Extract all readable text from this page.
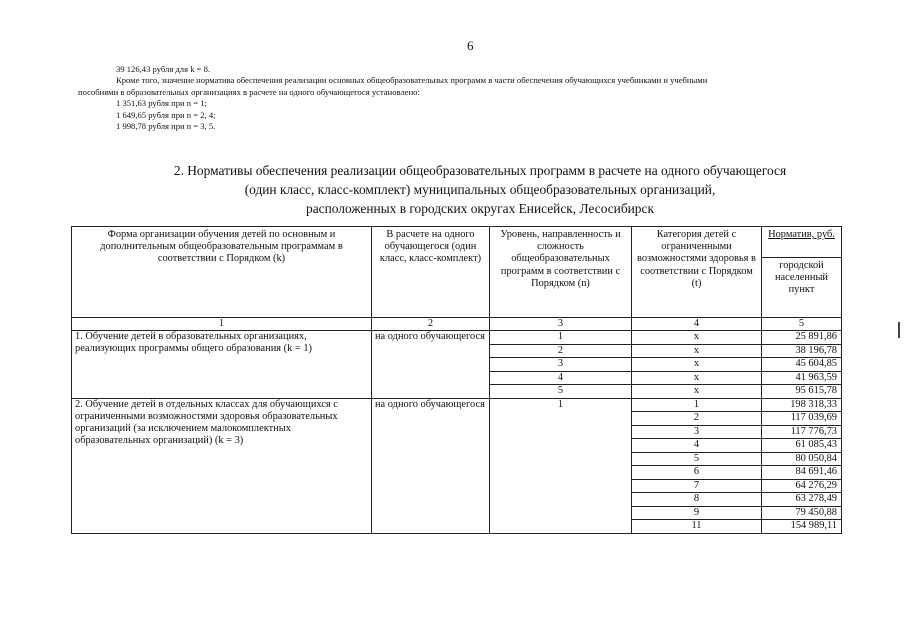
6
39 126,43 рубля для k = 8.
Кроме того, значение норматива обеспечения реализации основных общеобразовательных программ в части обеспечения обучающихся учебниками и учебными
пособиями в образовательных организациях в расчете на одного обучающегося установлено:
1 351,63 рубля при n = 1;
1 649,65 рубля при n = 2, 4;
1 998,78 рубля при n = 3, 5.
2. Нормативы обеспечения реализации общеобразовательных программ в расчете на одного обучающегося
(один класс, класс-комплект) муниципальных общеобразовательных организаций,
расположенных в городских округах Енисейск, Лесосибирск
Форма организации обучения детей по основным и дополнительным общеобразовательным программам в соответствии с Порядком (k)	В расчете на одного обучающегося (один класс, класс-комплект)	Уровень, направленность и сложность общеобразовательных программ в соответствии с Порядком (n)	Категория детей с ограниченными возможностями здоровья в соответствии с Порядком (t)	Норматив, руб.
				городской населенный пункт
1	2	3	4	5
1. Обучение детей в образовательных организациях, реализующих программы общего образования (k = 1)	на одного обучающегося	1	х	25 891,86
		2	х	38 196,78
		3	х	45 604,85
		4	х	41 963,59
		5	х	95 615,78
2. Обучение детей в отдельных классах для обучающихся с ограниченными возможностями здоровья образовательных организаций (за исключением малокомплектных образовательных организаций) (k = 3)	на одного обучающегося	1	1	198 318,33
			2	117 039,69
			3	117 776,73
			4	61 085,43
			5	80 050,84
			6	84 691,46
			7	64 276,29
			8	63 278,49
			9	79 450,88
			11	154 989,11
